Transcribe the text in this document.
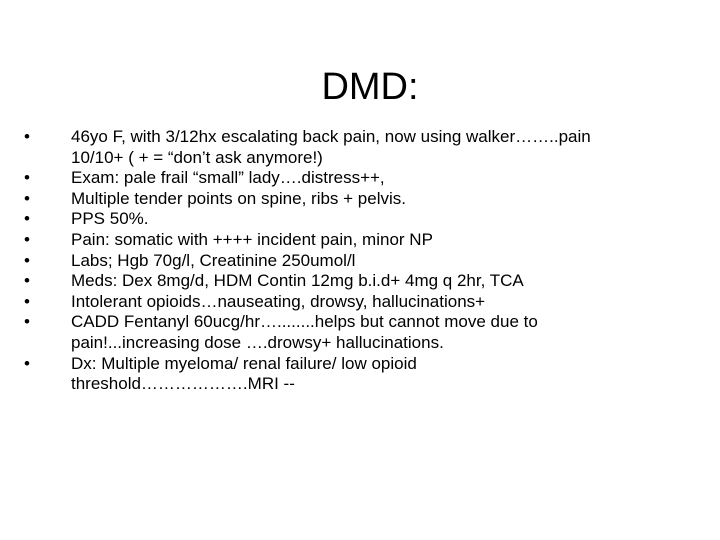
DMD:
• 46yo F, with 3/12hx escalating back pain, now using walker……..pain
10/10+ ( + = “don’t ask anymore!)
• Exam: pale frail “small” lady….distress++,
• Multiple tender points on spine, ribs + pelvis.
• PPS 50%.
• Pain: somatic with ++++ incident pain, minor NP
• Labs; Hgb 70g/l, Creatinine 250umol/l
• Meds: Dex 8mg/d, HDM Contin 12mg b.i.d+ 4mg q 2hr, TCA
• Intolerant opioids…nauseating, drowsy, hallucinations+
• CADD Fentanyl 60ucg/hr…........helps but cannot move due to
pain!...increasing dose ….drowsy+ hallucinations.
• Dx: Multiple myeloma/ renal failure/ low opioid
threshold……………….MRI --
